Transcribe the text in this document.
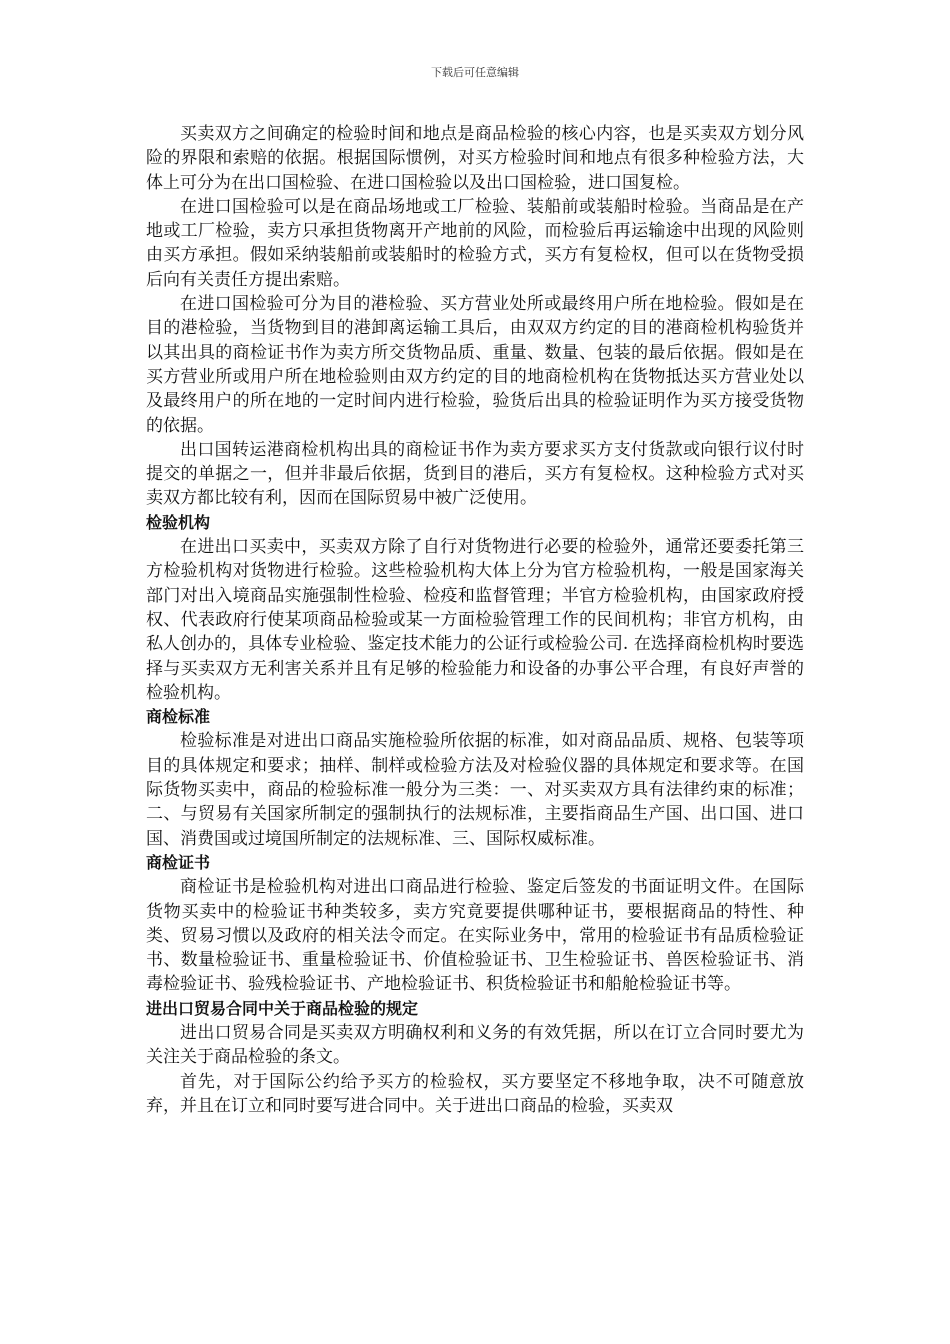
下载后可任意编辑

买卖双方之间确定的检验时间和地点是商品检验的核心内容，也是买卖双方划分风险的界限和索赔的依据。根据国际惯例，对买方检验时间和地点有很多种检验方法，大体上可分为在出口国检验、在进口国检验以及出口国检验，进口国复检。

在进口国检验可以是在商品场地或工厂检验、装船前或装船时检验。当商品是在产地或工厂检验，卖方只承担货物离开产地前的风险，而检验后再运输途中出现的风险则由买方承担。假如采纳装船前或装船时的检验方式，买方有复检权，但可以在货物受损后向有关责任方提出索赔。

在进口国检验可分为目的港检验、买方营业处所或最终用户所在地检验。假如是在目的港检验，当货物到目的港卸离运输工具后，由双双方约定的目的港商检机构验货并以其出具的商检证书作为卖方所交货物品质、重量、数量、包装的最后依据。假如是在买方营业所或用户所在地检验则由双方约定的目的地商检机构在货物抵达买方营业处以及最终用户的所在地的一定时间内进行检验，验货后出具的检验证明作为买方接受货物的依据。

出口国转运港商检机构出具的商检证书作为卖方要求买方支付货款或向银行议付时提交的单据之一，但并非最后依据，货到目的港后，买方有复检权。这种检验方式对买卖双方都比较有利，因而在国际贸易中被广泛使用。

检验机构

在进出口买卖中，买卖双方除了自行对货物进行必要的检验外，通常还要委托第三方检验机构对货物进行检验。这些检验机构大体上分为官方检验机构，一般是国家海关部门对出入境商品实施强制性检验、检疫和监督管理；半官方检验机构，由国家政府授权、代表政府行使某项商品检验或某一方面检验管理工作的民间机构；非官方机构，由私人创办的，具体专业检验、鉴定技术能力的公证行或检验公司. 在选择商检机构时要选择与买卖双方无利害关系并且有足够的检验能力和设备的办事公平合理，有良好声誉的检验机构。

商检标准

检验标准是对进出口商品实施检验所依据的标准，如对商品品质、规格、包装等项目的具体规定和要求；抽样、制样或检验方法及对检验仪器的具体规定和要求等。在国际货物买卖中，商品的检验标准一般分为三类：一、对买卖双方具有法律约束的标准；二、与贸易有关国家所制定的强制执行的法规标准，主要指商品生产国、出口国、进口国、消费国或过境国所制定的法规标准、三、国际权威标准。

商检证书

商检证书是检验机构对进出口商品进行检验、鉴定后签发的书面证明文件。在国际货物买卖中的检验证书种类较多，卖方究竟要提供哪种证书，要根据商品的特性、种类、贸易习惯以及政府的相关法令而定。在实际业务中，常用的检验证书有品质检验证书、数量检验证书、重量检验证书、价值检验证书、卫生检验证书、兽医检验证书、消毒检验证书、验残检验证书、产地检验证书、积货检验证书和船舱检验证书等。

进出口贸易合同中关于商品检验的规定

进出口贸易合同是买卖双方明确权利和义务的有效凭据，所以在订立合同时要尤为关注关于商品检验的条文。

首先，对于国际公约给予买方的检验权，买方要坚定不移地争取，决不可随意放弃，并且在订立和同时要写进合同中。关于进出口商品的检验，买卖双
